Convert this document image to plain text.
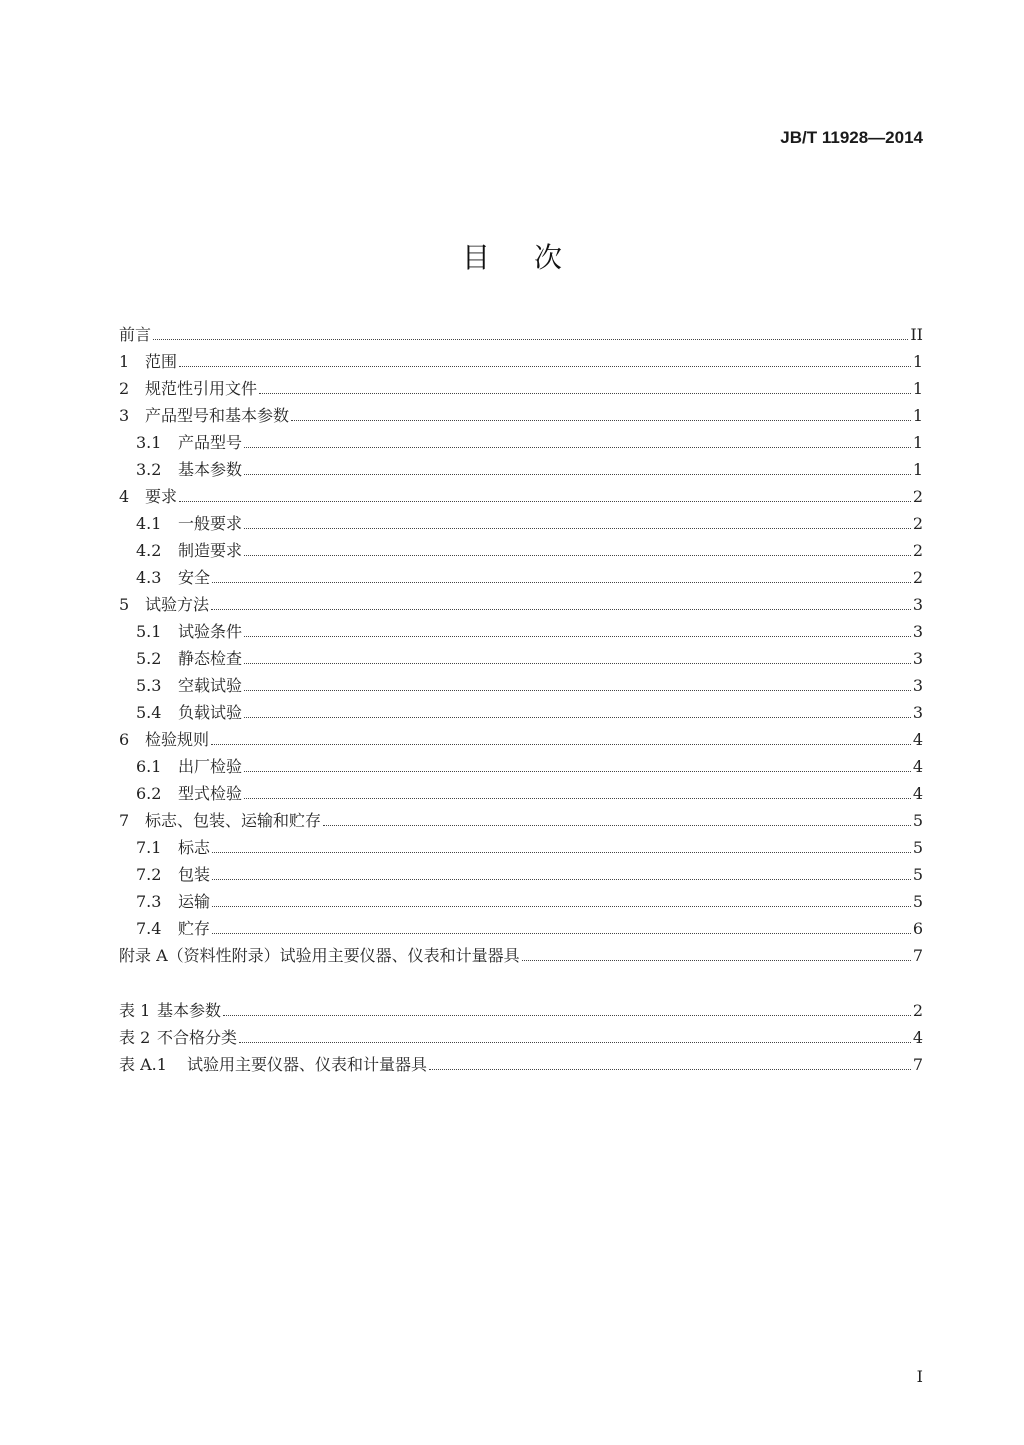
JB/T 11928—2014
目次
前言	II
1 范围	1
2 规范性引用文件	1
3 产品型号和基本参数	1
3.1	产品型号	1
3.2	基本参数	1
4 要求	2
4.1	一般要求	2
4.2	制造要求	2
4.3	安全	2
5 试验方法	3
5.1	试验条件	3
5.2	静态检查	3
5.3	空载试验	3
5.4	负载试验	3
6 检验规则	4
6.1	出厂检验	4
6.2	型式检验	4
7 标志、包装、运输和贮存	5
7.1	标志	5
7.2	包装	5
7.3	运输	5
7.4	贮存	6
附录 A（资料性附录）试验用主要仪器、仪表和计量器具	7
表 1 基本参数	2
表 2 不合格分类	4
表 A.1	试验用主要仪器、仪表和计量器具	7
I
